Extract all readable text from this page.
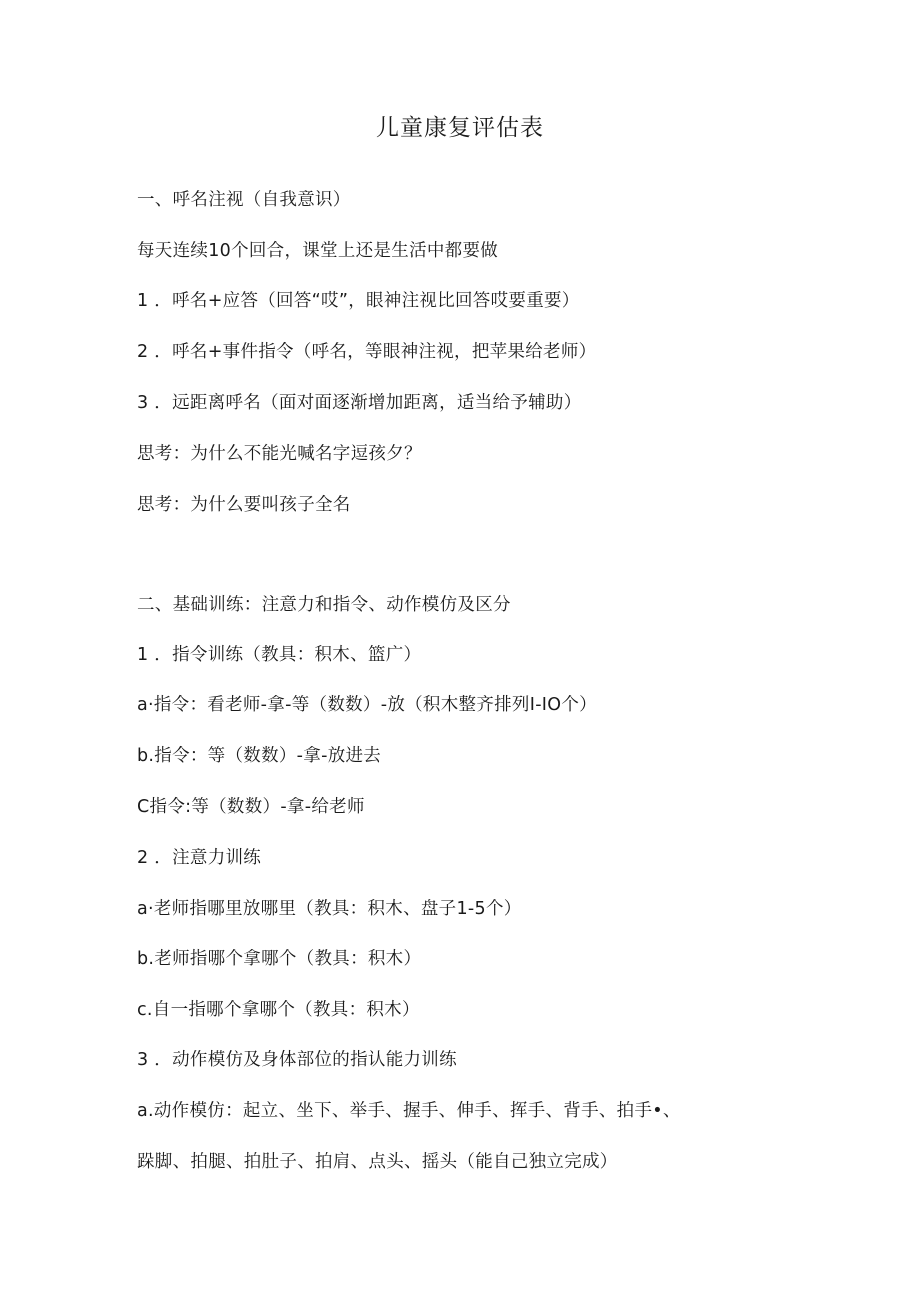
儿童康复评估表
一、呼名注视（自我意识）
每天连续10个回合，课堂上还是生活中都要做
1 ．呼名+应答（回答“哎”，眼神注视比回答哎要重要）
2 ．呼名+事件指令（呼名，等眼神注视，把苹果给老师）
3 ．远距离呼名（面对面逐渐增加距离，适当给予辅助）
思考：为什么不能光喊名字逗孩夕？
思考：为什么要叫孩子全名
二、基础训练：注意力和指令、动作模仿及区分
1 ．指令训练（教具：积木、篮广）
a·指令：看老师-拿-等（数数）-放（积木整齐排列I-IO个）
b.指令：等（数数）-拿-放进去
C指令:等（数数）-拿-给老师
2 ．注意力训练
a·老师指哪里放哪里（教具：积木、盘子1-5个）
b.老师指哪个拿哪个（教具：积木）
c.自一指哪个拿哪个（教具：积木）
3 ．动作模仿及身体部位的指认能力训练
a.动作模仿：起立、坐下、举手、握手、伸手、挥手、背手、拍手•、
跺脚、拍腿、拍肚子、拍肩、点头、摇头（能自己独立完成）
